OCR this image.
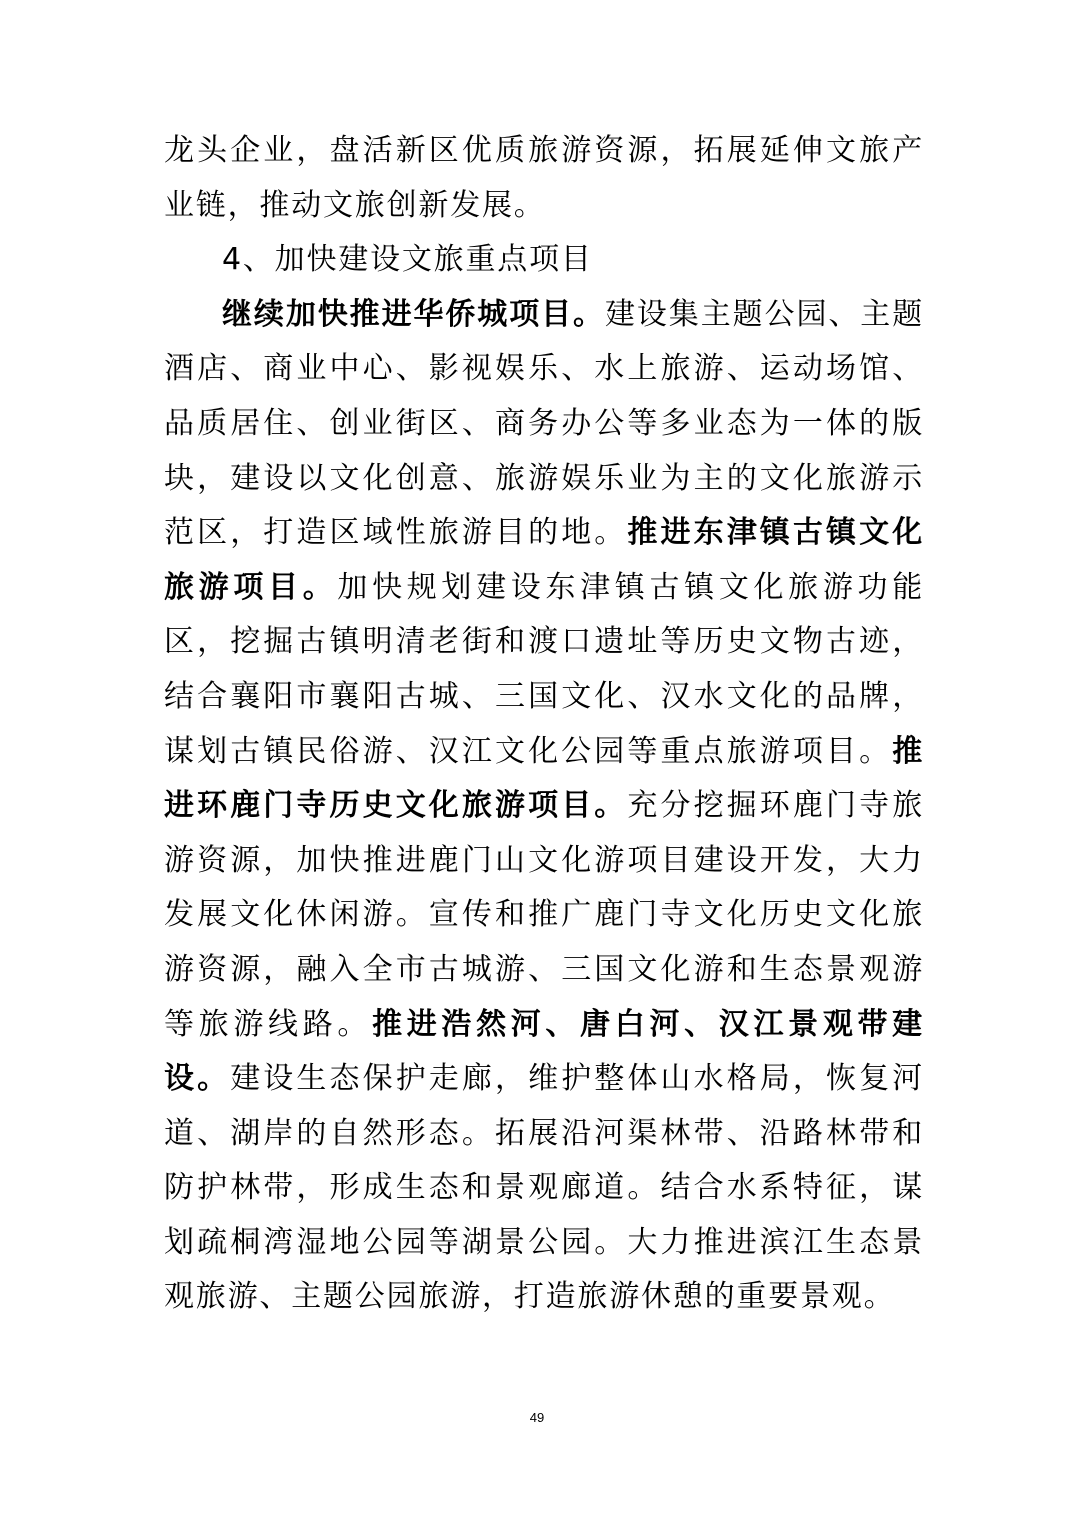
龙头企业，盘活新区优质旅游资源，拓展延伸文旅产业链，推动文旅创新发展。

4、加快建设文旅重点项目

继续加快推进华侨城项目。建设集主题公园、主题酒店、商业中心、影视娱乐、水上旅游、运动场馆、品质居住、创业街区、商务办公等多业态为一体的版块，建设以文化创意、旅游娱乐业为主的文化旅游示范区，打造区域性旅游目的地。推进东津镇古镇文化旅游项目。加快规划建设东津镇古镇文化旅游功能区，挖掘古镇明清老街和渡口遗址等历史文物古迹，结合襄阳市襄阳古城、三国文化、汉水文化的品牌，谋划古镇民俗游、汉江文化公园等重点旅游项目。推进环鹿门寺历史文化旅游项目。充分挖掘环鹿门寺旅游资源，加快推进鹿门山文化游项目建设开发，大力发展文化休闲游。宣传和推广鹿门寺文化历史文化旅游资源，融入全市古城游、三国文化游和生态景观游等旅游线路。推进浩然河、唐白河、汉江景观带建设。建设生态保护走廊，维护整体山水格局，恢复河道、湖岸的自然形态。拓展沿河渠林带、沿路林带和防护林带，形成生态和景观廊道。结合水系特征，谋划疏桐湾湿地公园等湖景公园。大力推进滨江生态景观旅游、主题公园旅游，打造旅游休憩的重要景观。

49
